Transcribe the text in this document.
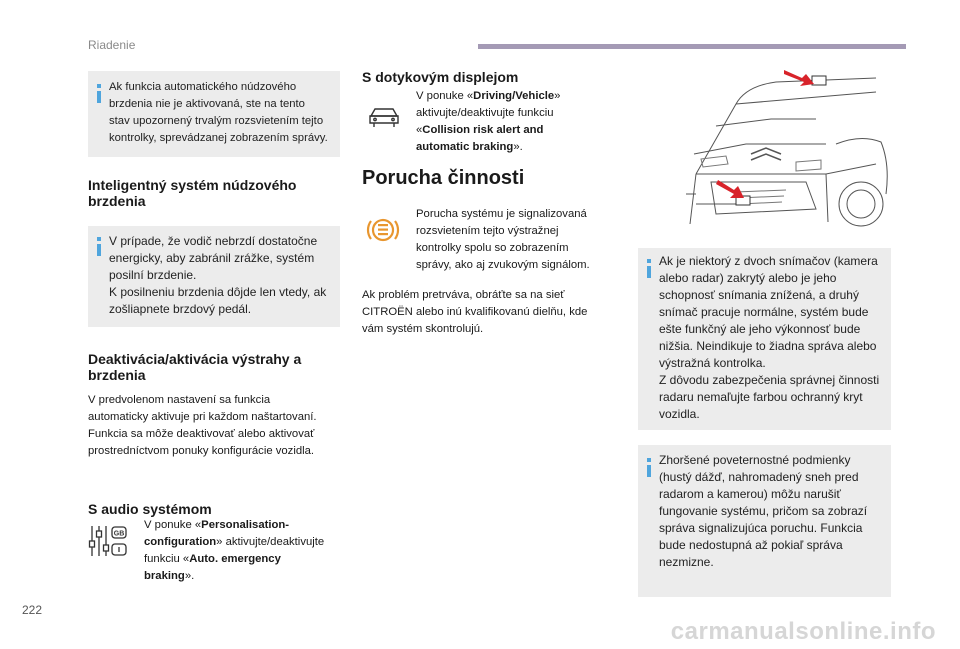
Riadenie
Ak funkcia automatického núdzového
brzdenia nie je aktivovaná, ste na tento
stav upozornený trvalým rozsvietením tejto
kontrolky, sprevádzanej zobrazením správy.
Inteligentný systém núdzového
brzdenia
V prípade, že vodič nebrzdí dostatočne
energicky, aby zabránil zrážke, systém
posilní brzdenie.
K posilneniu brzdenia dôjde len vtedy, ak
zošliapnete brzdový pedál.
Deaktivácia/aktivácia výstrahy a
brzdenia
V predvolenom nastavení sa funkcia
automaticky aktivuje pri každom naštartovaní.
Funkcia sa môže deaktivovať alebo aktivovať
prostredníctvom ponuky konfigurácie vozidla.
S audio systémom
GB
V ponuke «Personalisation-
configuration» aktivujte/deaktivujte
funkciu «Auto. emergency
braking».
S dotykovým displejom
V ponuke «Driving/Vehicle»
aktivujte/deaktivujte funkciu
«Collision risk alert and
automatic braking».
Porucha činnosti
Porucha systému je signalizovaná
rozsvietením tejto výstražnej
kontrolky spolu so zobrazením
správy, ako aj zvukovým signálom.
Ak problém pretrváva, obráťte sa na sieť
CITROËN alebo inú kvalifikovanú dielňu, kde
vám systém skontrolujú.
Ak je niektorý z dvoch snímačov (kamera
alebo radar) zakrytý alebo je jeho
schopnosť snímania znížená, a druhý
snímač pracuje normálne, systém bude
ešte funkčný ale jeho výkonnosť bude
nižšia. Neindikuje to žiadna správa alebo
výstražná kontrolka.
Z dôvodu zabezpečenia správnej činnosti
radaru nemaľujte farbou ochranný kryt
vozidla.
Zhoršené poveternostné podmienky
(hustý dážď, nahromadený sneh pred
radarom a kamerou) môžu narušiť
fungovanie systému, pričom sa zobrazí
správa signalizujúca poruchu. Funkcia
bude nedostupná až pokiaľ správa
nezmizne.
222
carmanualsonline.info
